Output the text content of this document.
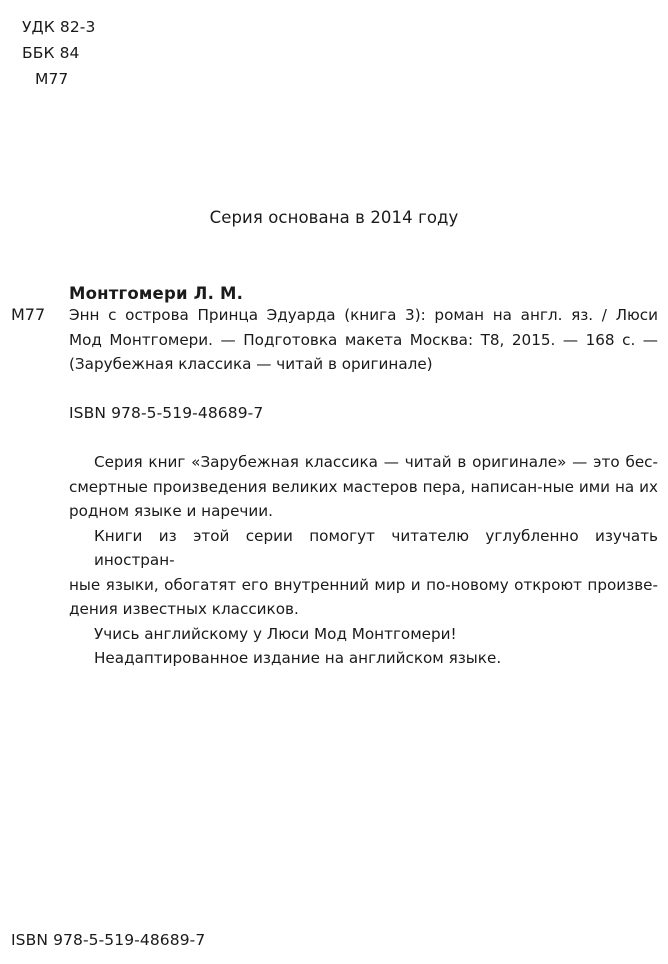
УДК 82-3
ББК 84
М77
Серия основана в 2014 году
Монтгомери Л. М.
М77 Энн с острова Принца Эдуарда (книга 3): роман на англ. яз. / Люси
Мод Монтгомери. — Подготовка макета Москва: Т8, 2015. — 168 с. —
(Зарубежная классика — читай в оригинале)
ISBN 978-5-519-48689-7
Серия книг «Зарубежная классика — читай в оригинале» — это бес-
смертные произведения великих мастеров пера, написан-ные ими на их
родном языке и наречии.
Книги из этой серии помогут читателю углубленно изучать иностран-
ные языки, обогатят его внутренний мир и по-новому откроют произве-
дения известных классиков.
Учись английскому у Люси Мод Монтгомери!
Неадаптированное издание на английском языке.
ISBN 978-5-519-48689-7
